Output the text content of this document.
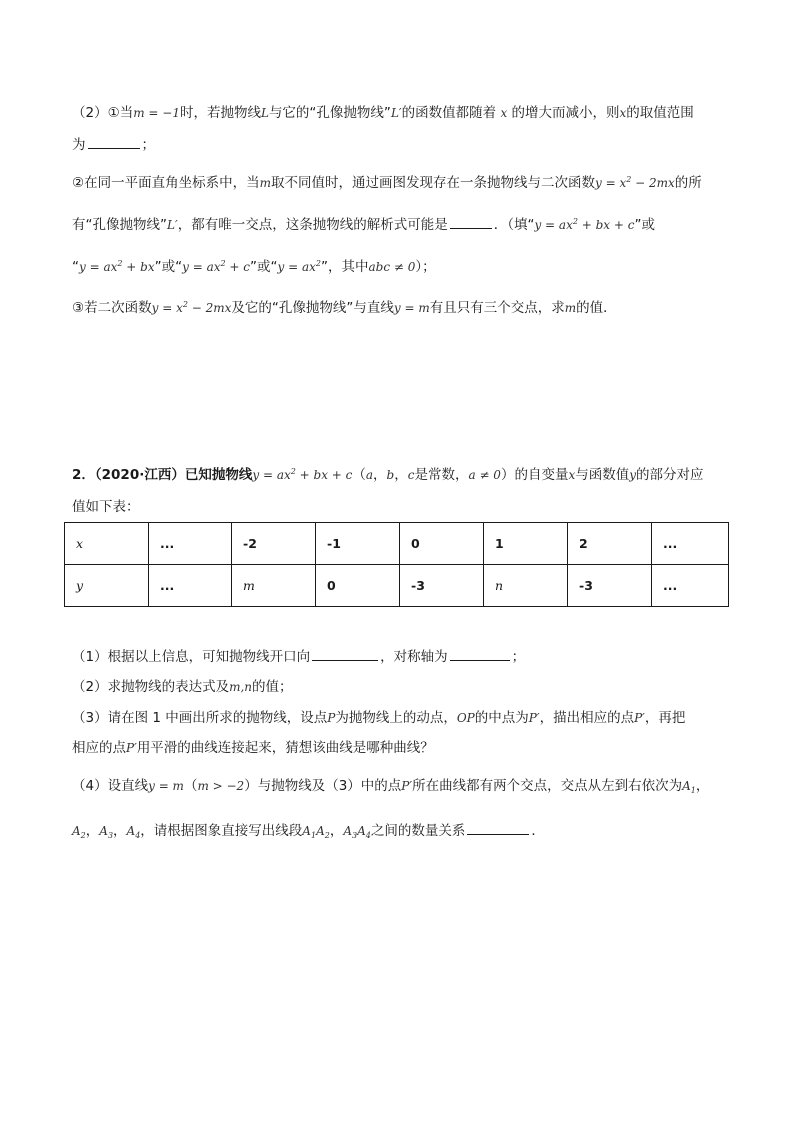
（2）①当m = −1时，若抛物线L与它的“孔像抛物线”L′的函数值都随着 x 的增大而减小，则x的取值范围
为	；
②在同一平面直角坐标系中，当m取不同值时，通过画图发现存在一条抛物线与二次函数$y = x^2 - 2mx$的所
有“孔像抛物线”L′，都有唯一交点，这条抛物线的解析式可能是	．（填“$y = ax^2$ + bx + c”或
“$y = ax^2$ + bx”或“$y = ax^2 + c$”或“$y = ax^2$”，其中abc ≠ 0）；
③若二次函数$y = x^2 - 2mx$及它的“孔像抛物线”与直线y = m有且只有三个交点，求m的值．
2．（2020·江西）已知抛物线$y = ax^2$ + bx + c（a，b，c是常数，a ≠ 0）的自变量x与函数值y的部分对应
值如下表：
x	...	-2	-1	0	1	2	...
y	...	m	0	-3	n	-3	...
（1）根据以上信息，可知抛物线开口向	，对称轴为	；
（2）求抛物线的表达式及m,n的值；
（3）请在图 1 中画出所求的抛物线，设点P为抛物线上的动点，OP的中点为P′，描出相应的点P′，再把
相应的点P′用平滑的曲线连接起来，猜想该曲线是哪种曲线？
（4）设直线y = m（m > −2）与抛物线及（3）中的点P′所在曲线都有两个交点，交点从左到右依次为$A_1$，
$A_2$，$A_3$，$A_4$，请根据图象直接写出线段$A_1A_2$，$A_3A_4$之间的数量关系	．
